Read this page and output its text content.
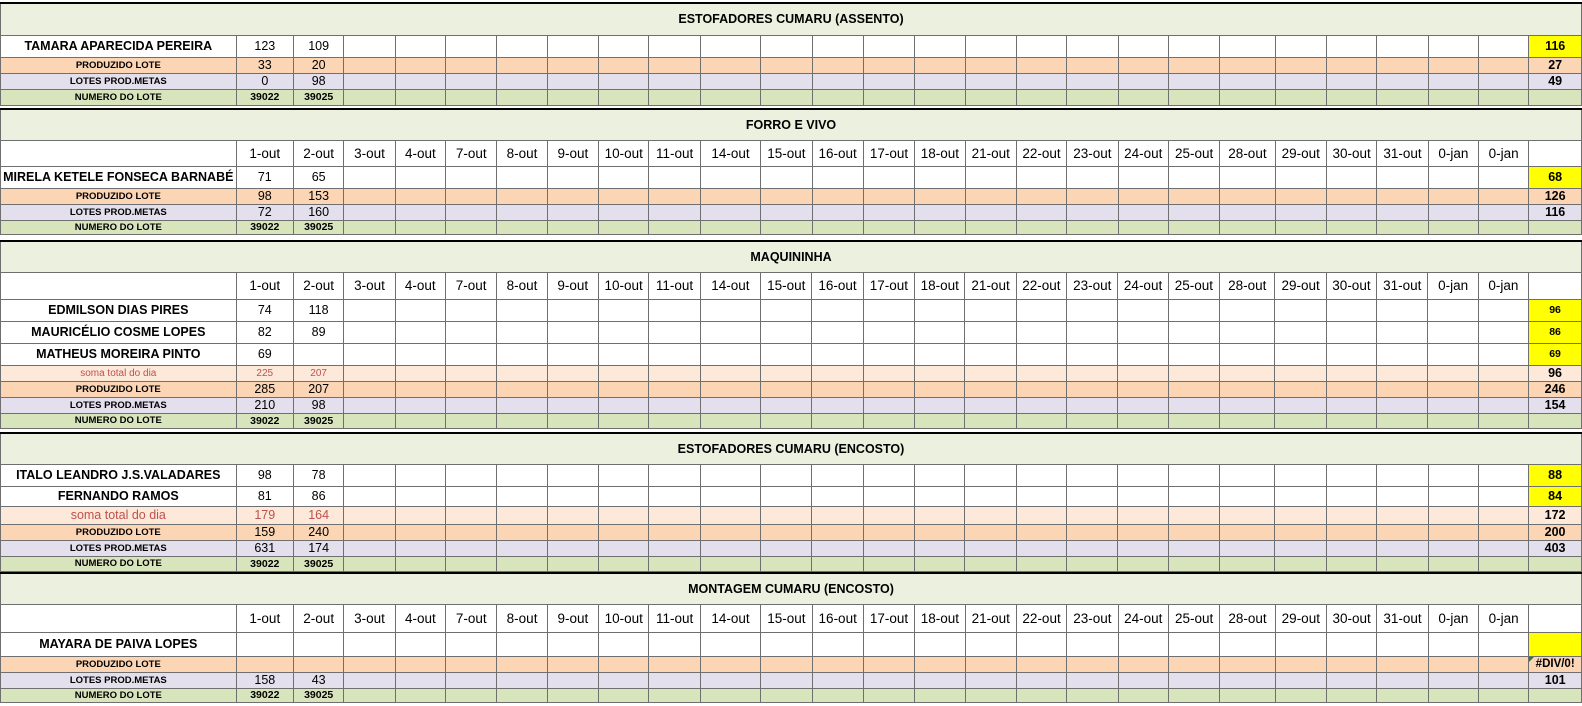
ESTOFADORES CUMARU (ASSENTO)																										
TAMARA APARECIDA PEREIRA	123	109																								116
PRODUZIDO LOTE	33	20																								27
LOTES PROD.METAS	0	98																								49
NUMERO DO LOTE	39022	39025																								
FORRO E VIVO																										
	1-out	2-out	3-out	4-out	7-out	8-out	9-out	10-out	11-out	14-out	15-out	16-out	17-out	18-out	21-out	22-out	23-out	24-out	25-out	28-out	29-out	30-out	31-out	0-jan	0-jan	
MIRELA KETELE FONSECA BARNABÉ	71	65																								68
PRODUZIDO LOTE	98	153																								126
LOTES PROD.METAS	72	160																								116
NUMERO DO LOTE	39022	39025																								
MAQUININHA																										
	1-out	2-out	3-out	4-out	7-out	8-out	9-out	10-out	11-out	14-out	15-out	16-out	17-out	18-out	21-out	22-out	23-out	24-out	25-out	28-out	29-out	30-out	31-out	0-jan	0-jan	
EDMILSON DIAS PIRES	74	118																								96
MAURICÉLIO COSME LOPES	82	89																								86
MATHEUS MOREIRA PINTO	69																									69
soma total do dia	225	207																								96
PRODUZIDO LOTE	285	207																								246
LOTES PROD.METAS	210	98																								154
NUMERO DO LOTE	39022	39025																								
ESTOFADORES CUMARU (ENCOSTO)																										
ITALO LEANDRO J.S.VALADARES	98	78																								88
FERNANDO RAMOS	81	86																								84
soma total do dia	179	164																								172
PRODUZIDO LOTE	159	240																								200
LOTES PROD.METAS	631	174																								403
NUMERO DO LOTE	39022	39025																								
MONTAGEM CUMARU (ENCOSTO)																										
	1-out	2-out	3-out	4-out	7-out	8-out	9-out	10-out	11-out	14-out	15-out	16-out	17-out	18-out	21-out	22-out	23-out	24-out	25-out	28-out	29-out	30-out	31-out	0-jan	0-jan	
MAYARA DE PAIVA LOPES																										
PRODUZIDO LOTE																										#DIV/0!

LOTES PROD.METAS	158	43																								101
NUMERO DO LOTE	39022	39025																								
